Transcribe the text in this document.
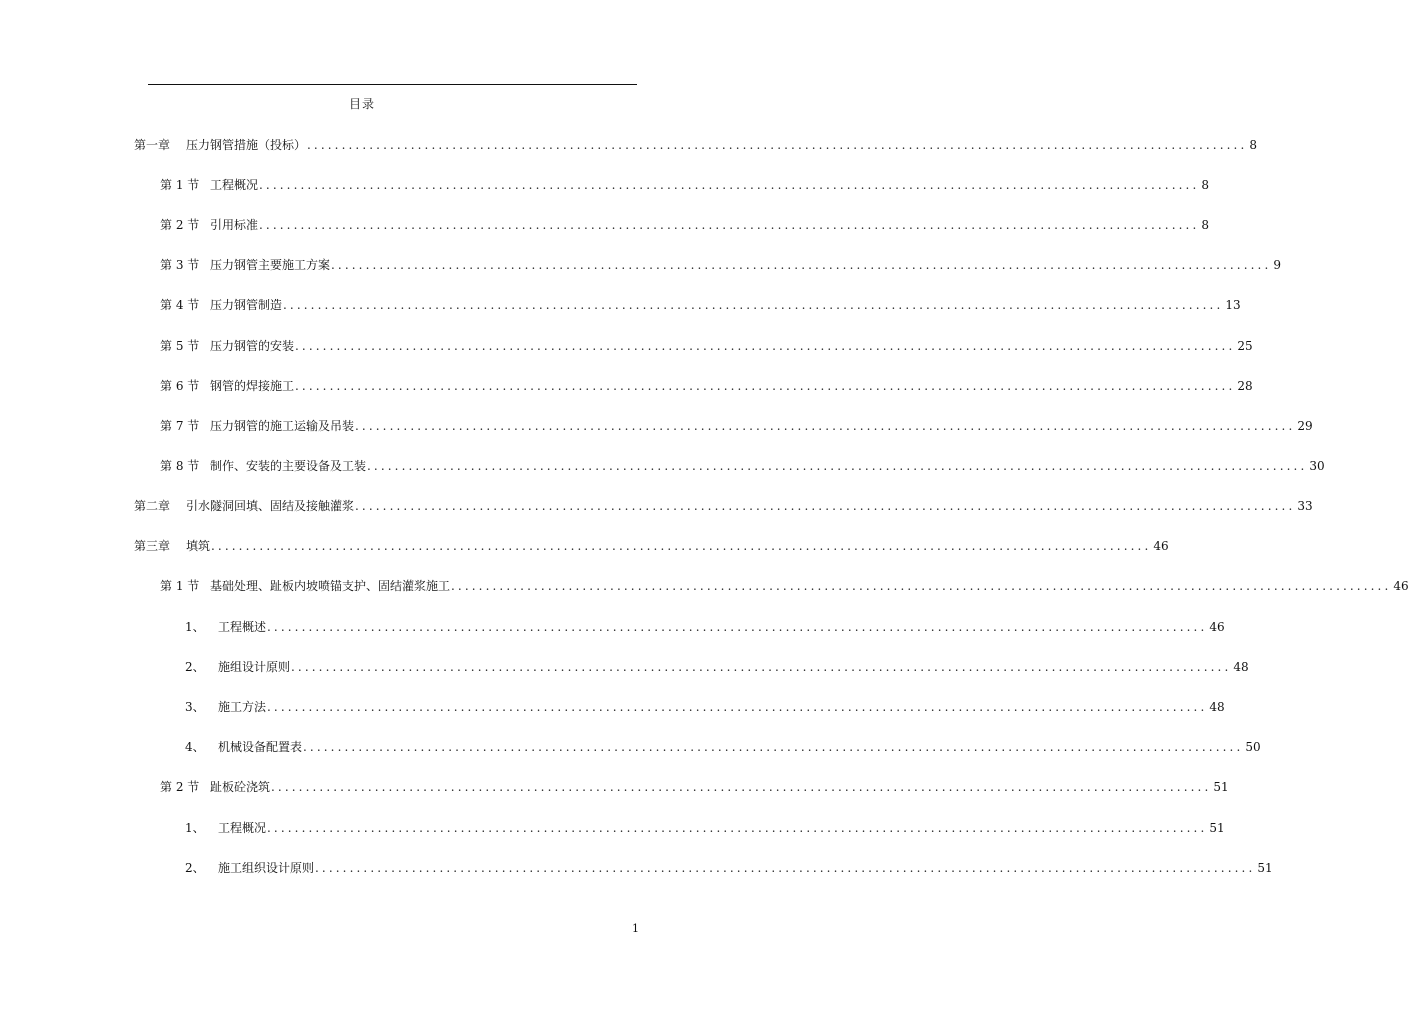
目录
第一章	压力钢管措施（投标） ........................................................................................................................................ 8
第 1 节 工程概况 ........................................................................................................................................ 8
第 2 节 引用标准 ........................................................................................................................................ 8
第 3 节 压力钢管主要施工方案 ........................................................................................................................................ 9
第 4 节 压力钢管制造 ........................................................................................................................................ 13
第 5 节 压力钢管的安装 ........................................................................................................................................ 25
第 6 节 钢管的焊接施工 ........................................................................................................................................ 28
第 7 节 压力钢管的施工运输及吊装 ........................................................................................................................................ 29
第 8 节 制作、安装的主要设备及工装 ........................................................................................................................................ 30
第二章	引水隧洞回填、固结及接触灌浆 ........................................................................................................................................ 33
第三章	填筑 ........................................................................................................................................ 46
第 1 节 基础处理、趾板内坡喷锚支护、固结灌浆施工 ........................................................................................................................................ 46
1、	工程概述 ........................................................................................................................................ 46
2、	施组设计原则 ........................................................................................................................................ 48
3、	施工方法 ........................................................................................................................................ 48
4、	机械设备配置表 ........................................................................................................................................ 50
第 2 节 趾板砼浇筑 ........................................................................................................................................ 51
1、	工程概况 ........................................................................................................................................ 51
2、	施工组织设计原则 ........................................................................................................................................ 51
1
